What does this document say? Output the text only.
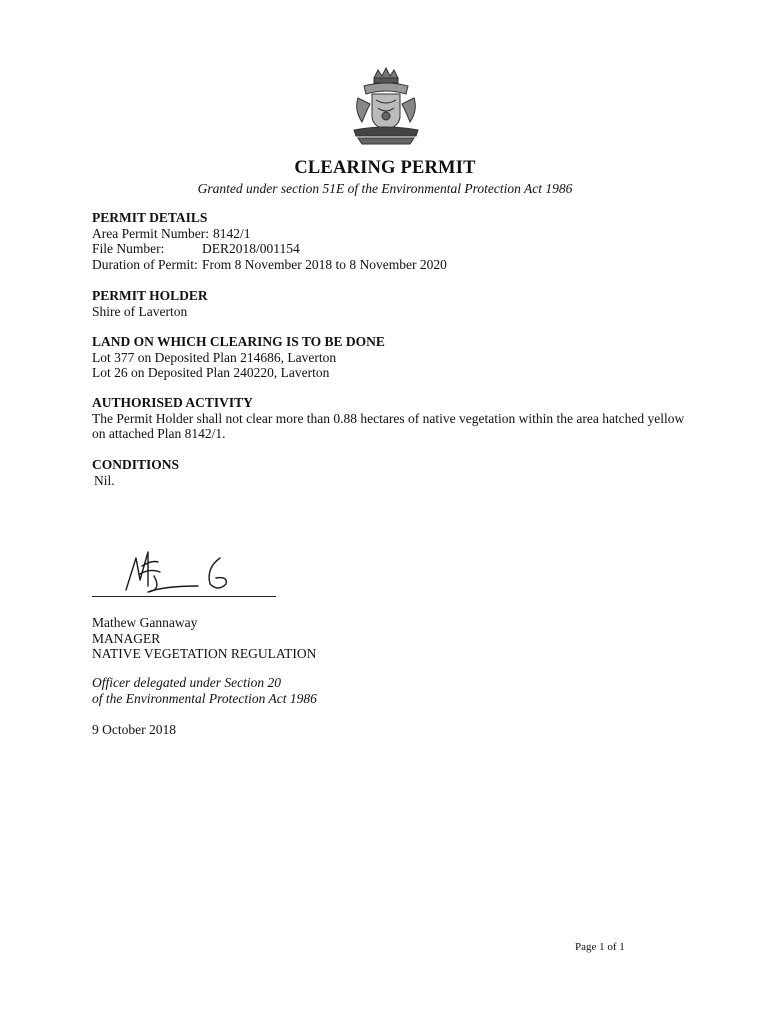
CLEARING PERMIT
Granted under section 51E of the Environmental Protection Act 1986
PERMIT DETAILS
Area Permit Number: 8142/1
File Number:	DER2018/001154
Duration of Permit: From 8 November 2018 to 8 November 2020
PERMIT HOLDER
Shire of Laverton
LAND ON WHICH CLEARING IS TO BE DONE
Lot 377 on Deposited Plan 214686, Laverton
Lot 26 on Deposited Plan 240220, Laverton
AUTHORISED ACTIVITY
The Permit Holder shall not clear more than 0.88 hectares of native vegetation within the area hatched yellow on attached Plan 8142/1.
CONDITIONS
Nil.
Mathew Gannaway
MANAGER
NATIVE VEGETATION REGULATION
Officer delegated under Section 20
of the Environmental Protection Act 1986
9 October 2018
Page 1 of 1
